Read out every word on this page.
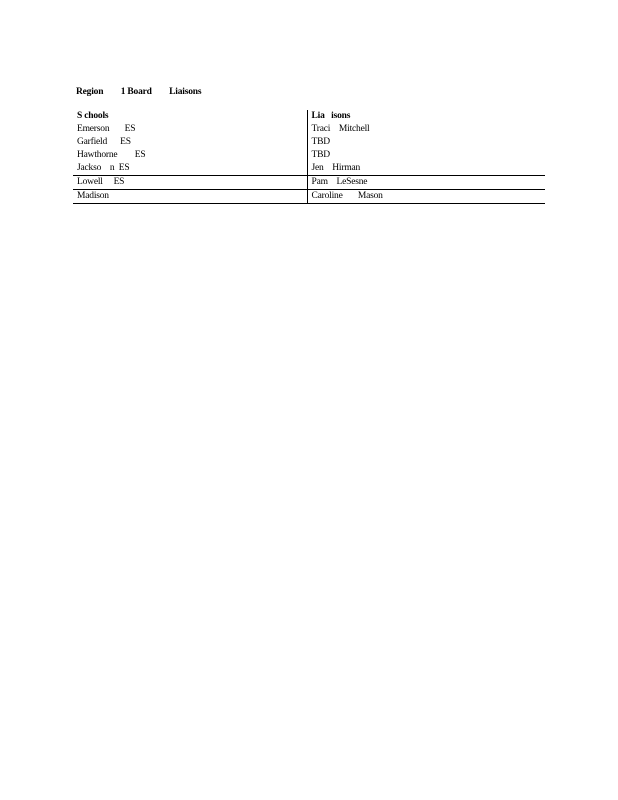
Region        1 Board        Liaisons
S chools	Lia   isons
Emerson       ES	Traci    Mitchell
Garfield      ES	TBD
Hawthorne        ES	TBD
Jackso    n  ES	Jen    Hirman
Lowell     ES	Pam    LeSesne
Madison	Caroline       Mason
